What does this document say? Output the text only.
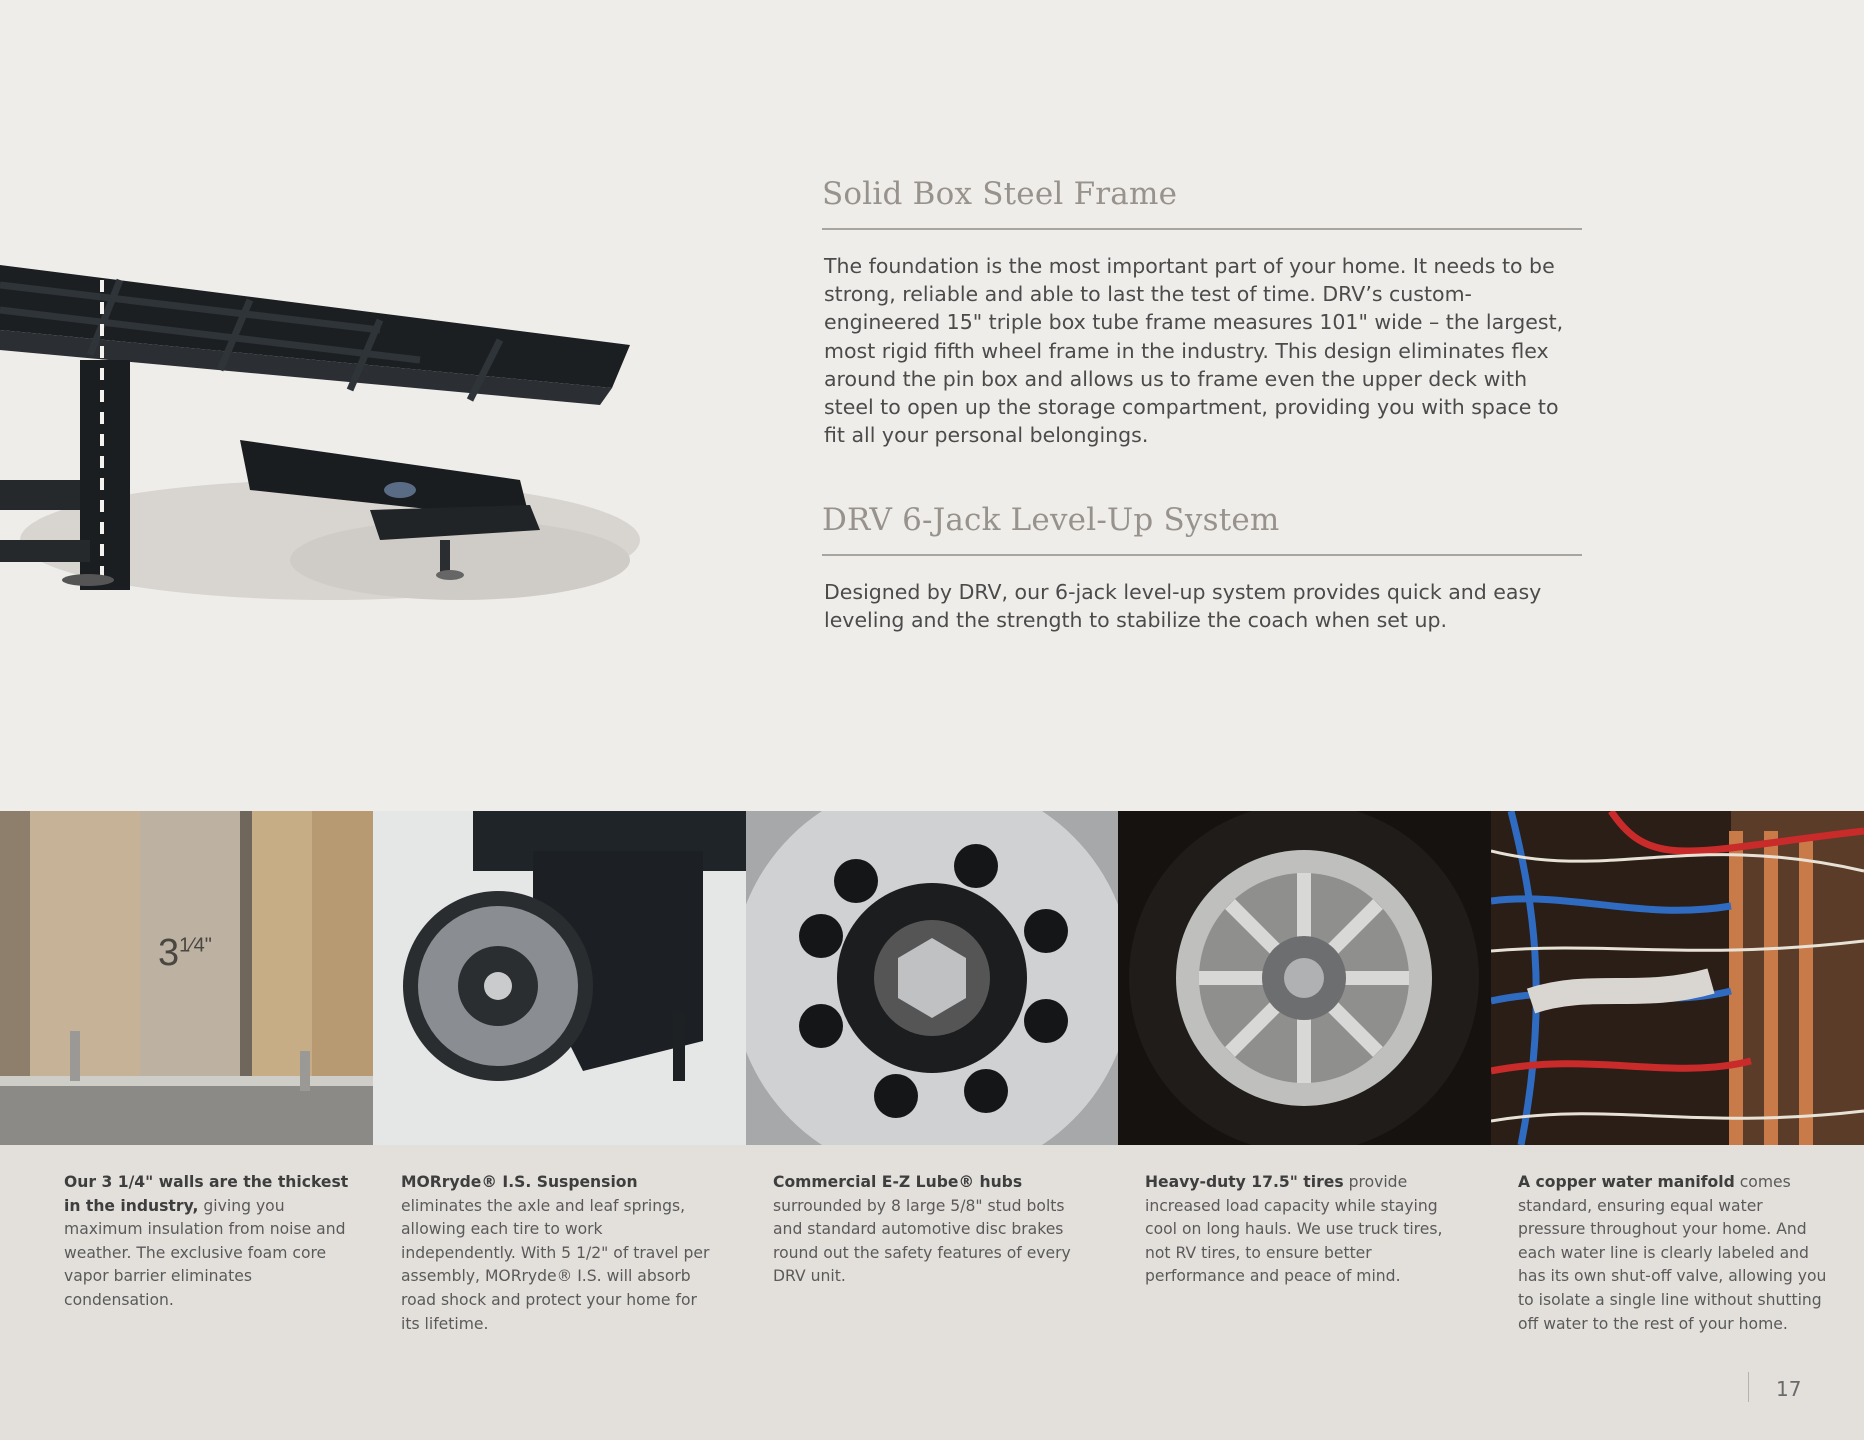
Solid Box Steel Frame

The foundation is the most important part of your home. It needs to be strong, reliable and able to last the test of time. DRV’s custom-engineered 15" triple box tube frame measures 101" wide – the largest, most rigid fifth wheel frame in the industry. This design eliminates flex around the pin box and allows us to frame even the upper deck with steel to open up the storage compartment, providing you with space to fit all your personal belongings.

DRV 6-Jack Level-Up System

Designed by DRV, our 6-jack level-up system provides quick and easy leveling and the strength to stabilize the coach when set up.

$3^{1⁄4"}$
Our 3 1/4" walls are the thickest in the industry, giving you maximum insulation from noise and weather. The exclusive foam core vapor barrier eliminates condensation.
MORryde® I.S. Suspension eliminates the axle and leaf springs, allowing each tire to work independently. With 5 1/2" of travel per assembly, MORryde® I.S. will absorb road shock and protect your home for its lifetime.
Commercial E-Z Lube® hubs surrounded by 8 large 5/8" stud bolts and standard automotive disc brakes round out the safety features of every DRV unit.
Heavy-duty 17.5" tires provide increased load capacity while staying cool on long hauls. We use truck tires, not RV tires, to ensure better performance and peace of mind.
A copper water manifold comes standard, ensuring equal water pressure throughout your home. And each water line is clearly labeled and has its own shut-off valve, allowing you to isolate a single line without shutting off water to the rest of your home.
17
